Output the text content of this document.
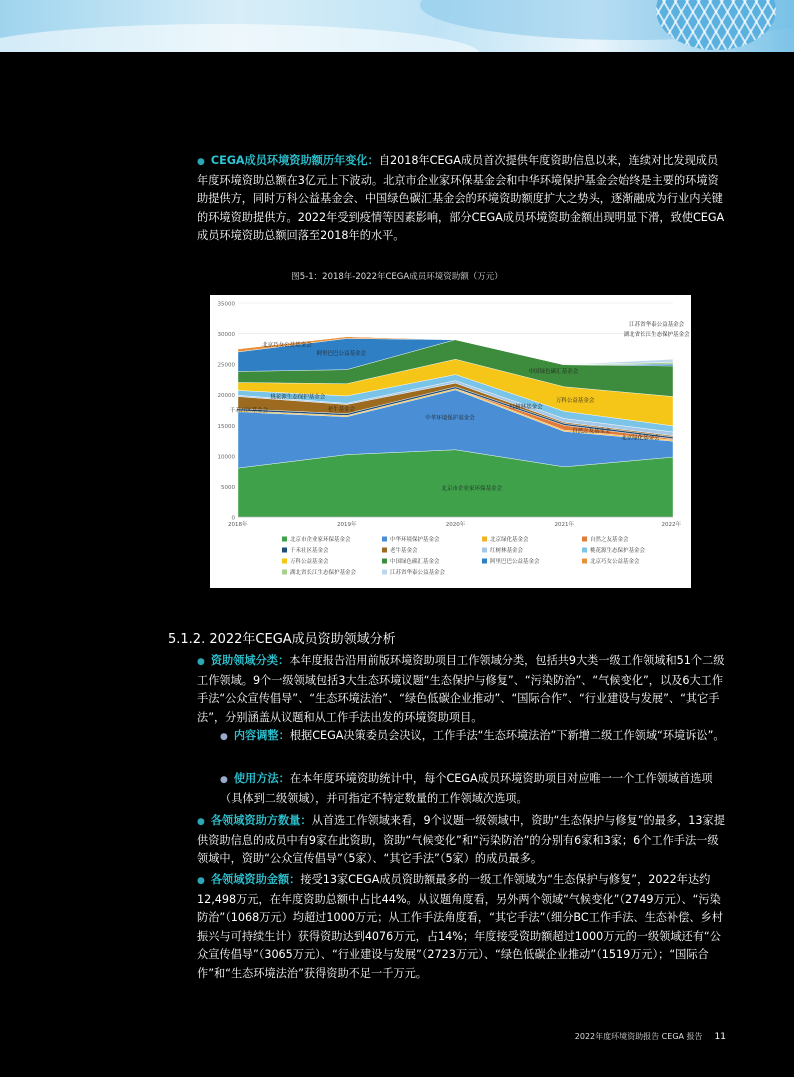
● CEGA成员环境资助额历年变化：自2018年CEGA成员首次提供年度资助信息以来，连续对比发现成员年度环境资助总额在3亿元上下波动。北京市企业家环保基金会和中华环境保护基金会始终是主要的环境资助提供方，同时万科公益基金会、中国绿色碳汇基金会的环境资助额度扩大之势头，逐渐融成为行业内关键的环境资助提供方。2022年受到疫情等因素影响，部分CEGA成员环境资助金额出现明显下滑，致使CEGA成员环境资助总额回落至2018年的水平。
图5-1：2018年-2022年CEGA成员环境资助额（万元）
0
5000
10000
15000
20000
25000
30000
35000
北京市企业家环保基金会
中华环境保护基金会
千禾社区基金会	老牛基金会
桃花源生态保护基金会
阿里巴巴公益基金会
北京巧女公益基金会
中国绿色碳汇基金会
万科公益基金会
红树林基金会
自然之友基金会
北京绿化基金会
江苏省华泰公益基金会
湖北省长江生态保护基金会
2018年	2019年	2020年	2021年	2022年
北京市企业家环保基金会	中华环境保护基金会	北京绿化基金会	自然之友基金会
千禾社区基金会	老牛基金会	红树林基金会	桃花源生态保护基金会
万科公益基金会	中国绿色碳汇基金会	阿里巴巴公益基金会	北京巧女公益基金会
湖北省长江生态保护基金会	江苏省华泰公益基金会
5.1.2. 2022年CEGA成员资助领域分析
● 资助领域分类：本年度报告沿用前版环境资助项目工作领域分类，包括共9大类一级工作领域和51个二级工作领域。9个一级领域包括3大生态环境议题“生态保护与修复”、“污染防治”、“气候变化”，以及6大工作手法“公众宣传倡导”、“生态环境法治”、“绿色低碳企业推动”、“国际合作”、“行业建设与发展”、“其它手法”，分别涵盖从议题和从工作手法出发的环境资助项目。
● 内容调整：根据CEGA决策委员会决议，工作手法“生态环境法治”下新增二级工作领域“环境诉讼”。
● 使用方法：在本年度环境资助统计中，每个CEGA成员环境资助项目对应唯一一个工作领域首选项（具体到二级领域），并可指定不特定数量的工作领域次选项。
● 各领域资助方数量：从首选工作领域来看，9个议题一级领域中，资助“生态保护与修复”的最多，13家提供资助信息的成员中有9家在此资助，资助“气候变化”和“污染防治”的分别有6家和3家；6个工作手法一级领域中，资助“公众宣传倡导”（5家）、“其它手法”（5家）的成员最多。
● 各领域资助金额：接受13家CEGA成员资助额最多的一级工作领域为“生态保护与修复”，2022年达约12,498万元，在年度资助总额中占比44%。从议题角度看，另外两个领域“气候变化”（2749万元）、“污染防治”（1068万元）均超过1000万元；从工作手法角度看，“其它手法”（细分BC工作手法、生态补偿、乡村振兴与可持续生计）获得资助达到4076万元，占14%；年度接受资助额超过1000万元的一级领域还有“公众宣传倡导”（3065万元）、“行业建设与发展”（2723万元）、“绿色低碳企业推动”（1519万元）；“国际合作”和“生态环境法治”获得资助不足一千万元。
2022年度环境资助报告 CEGA 报告 11
